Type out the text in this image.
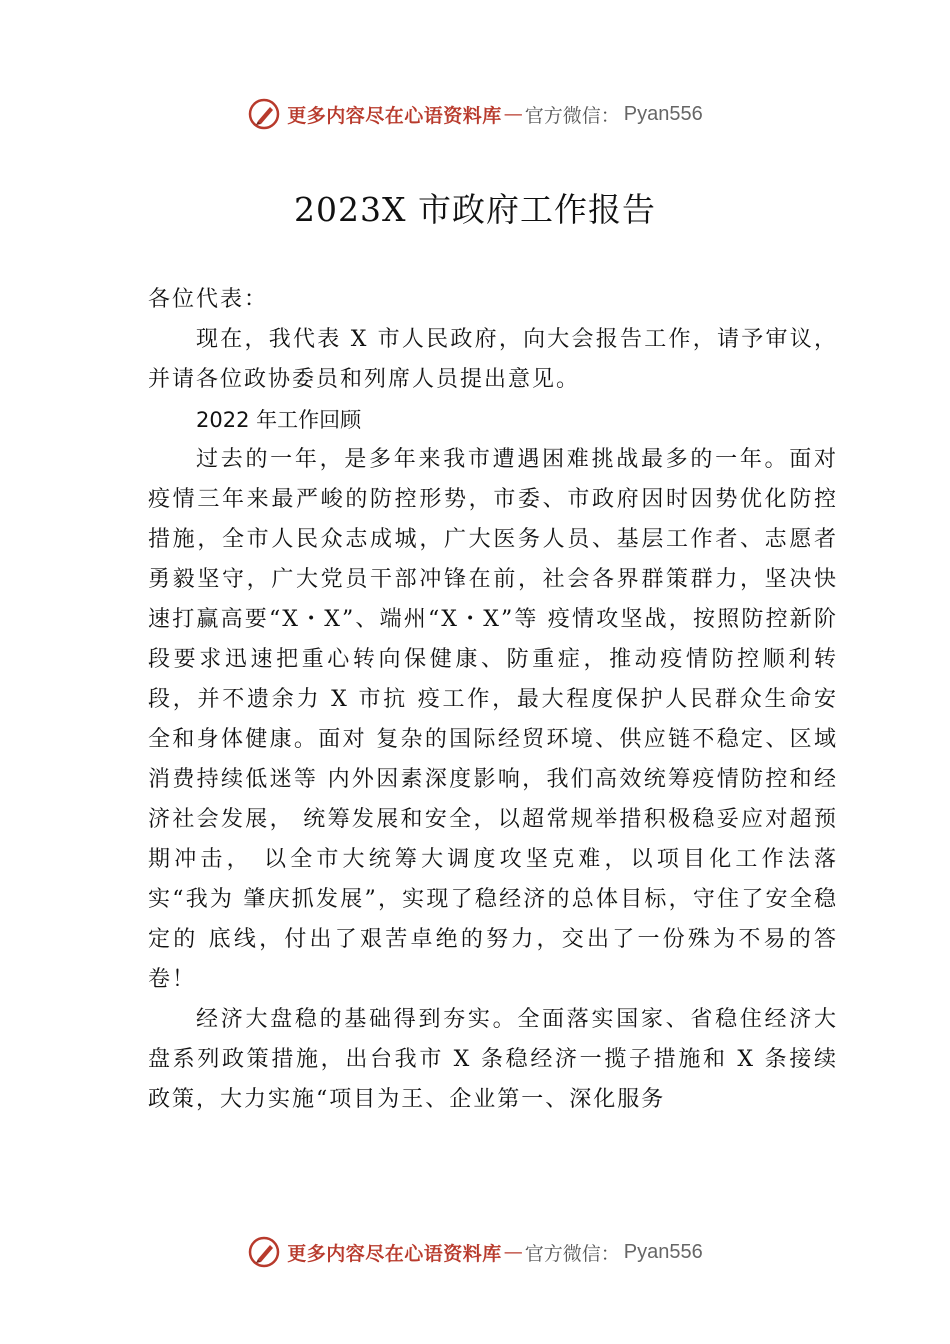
更多内容尽在心语资料库 — 官方微信： Pyan556
2023X 市政府工作报告

各位代表：

现在，我代表 X 市人民政府，向大会报告工作，请予审议，并请各位政协委员和列席人员提出意见。

2022 年工作回顾

过去的一年，是多年来我市遭遇困难挑战最多的一年。面对疫情三年来最严峻的防控形势，市委、市政府因时因势优化防控措施，全市人民众志成城，广大医务人员、基层工作者、志愿者勇毅坚守，广大党员干部冲锋在前，社会各界群策群力，坚决快速打赢高要“X・X”、端州“X・X”等 疫情攻坚战，按照防控新阶段要求迅速把重心转向保健康、防重症，推动疫情防控顺利转段，并不遗余力 X 市抗 疫工作，最大程度保护人民群众生命安全和身体健康。面对 复杂的国际经贸环境、供应链不稳定、区域消费持续低迷等 内外因素深度影响，我们高效统筹疫情防控和经济社会发展， 统筹发展和安全，以超常规举措积极稳妥应对超预期冲击， 以全市大统筹大调度攻坚克难，以项目化工作法落实“我为 肇庆抓发展”，实现了稳经济的总体目标，守住了安全稳定的 底线，付出了艰苦卓绝的努力，交出了一份殊为不易的答卷！

经济大盘稳的基础得到夯实。全面落实国家、省稳住经济大盘系列政策措施，出台我市 X 条稳经济一揽子措施和 X 条接续政策，大力实施“项目为王、企业第一、深化服务

更多内容尽在心语资料库 — 官方微信： Pyan556
